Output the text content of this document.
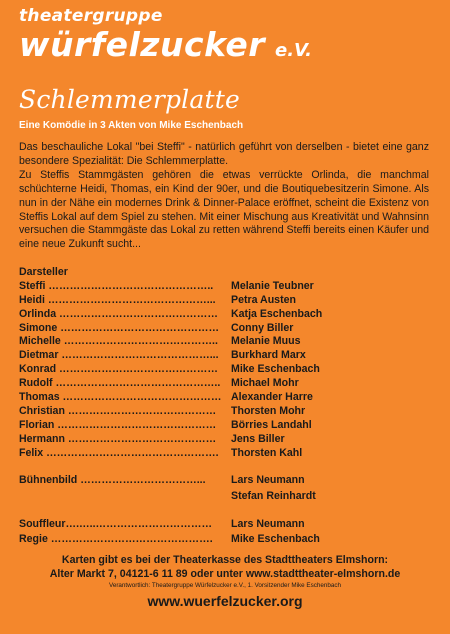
theatergruppe
würfelzucker e.V.
Schlemmerplatte
Eine Komödie in 3 Akten von Mike Eschenbach

Das beschauliche Lokal "bei Steffi" - natürlich geführt von derselben - bietet eine ganz besondere Spezialität: Die Schlemmerplatte.

Zu Steffis Stammgästen gehören die etwas verrückte Orlinda, die manchmal schüchterne Heidi, Thomas, ein Kind der 90er, und die Boutiquebesitzerin Simone. Als nun in der Nähe ein modernes Drink & Dinner-Palace eröffnet, scheint die Existenz von Steffis Lokal auf dem Spiel zu stehen. Mit einer Mischung aus Kreativität und Wahnsinn versuchen die Stammgäste das Lokal zu retten während Steffi bereits einen Käufer und eine neue Zukunft sucht...

Darsteller
Steffi ………………………………………..	Melanie Teubner
Heidi ………………………………………...	Petra Austen
Orlinda ………………………………………	Katja Eschenbach
Simone ………………………………………	Conny Biller
Michelle ……………………………………..	Melanie Muus
Dietmar ……………………………………...	Burkhard Marx
Konrad ………………………………………	Mike Eschenbach
Rudolf ………………………………………..	Michael Mohr
Thomas ……………………………………… Alexander Harre
Christian ……………………………………	Thorsten Mohr
Florian ………………………………………	Börries Landahl
Hermann ……………………………………	Jens Biller
Felix ………………………………………….	Thorsten Kahl
Bühnenbild ……………………………...	Lars Neumann
Stefan Reinhardt
Souffleur….…..……………………………	Lars Neumann
Regie ……………………………………….	Mike Eschenbach
Karten gibt es bei der Theaterkasse des Stadttheaters Elmshorn:
Alter Markt 7, 04121-6 11 89 oder unter www.stadttheater-elmshorn.de
Verantwortlich: Theatergruppe Würfelzucker e.V., 1. Vorsitzender Mike Eschenbach
www.wuerfelzucker.org
